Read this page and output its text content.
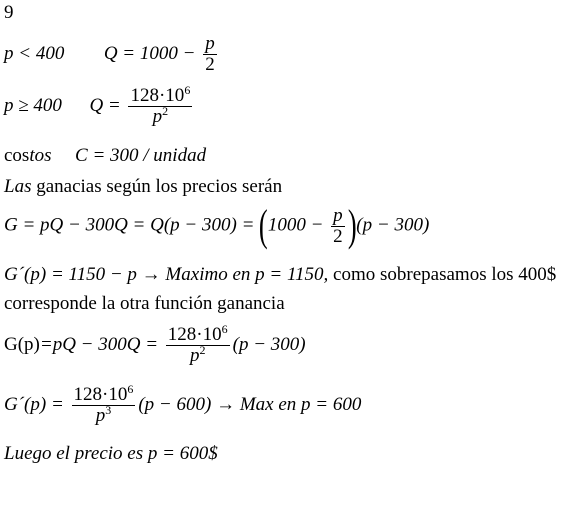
9
p < 400 $Q = 1000 - \frac{p}{2}$
p ≥ 400 $Q = \frac{128\cdot 10^6}{p^2}$
costos C = 300 / unidad
Las ganacias según los precios serán
G = pQ − $300Q = Q(p - 300) = (1000 - \frac{p}{2} )(p - 300)$
G´(p) = 1150 − p → Maximo en p = 1150, como sobrepasamos los 400$
corresponde la otra función ganancia
$G(p)=pQ - 300Q = \frac{128\cdot 10^6}{p^2} (p - 300)$
G´(p) = $\frac{128\cdot 10^6}{p^3} (p - 600)$ → Max en p = 600
Luego el precio es p = 600$
